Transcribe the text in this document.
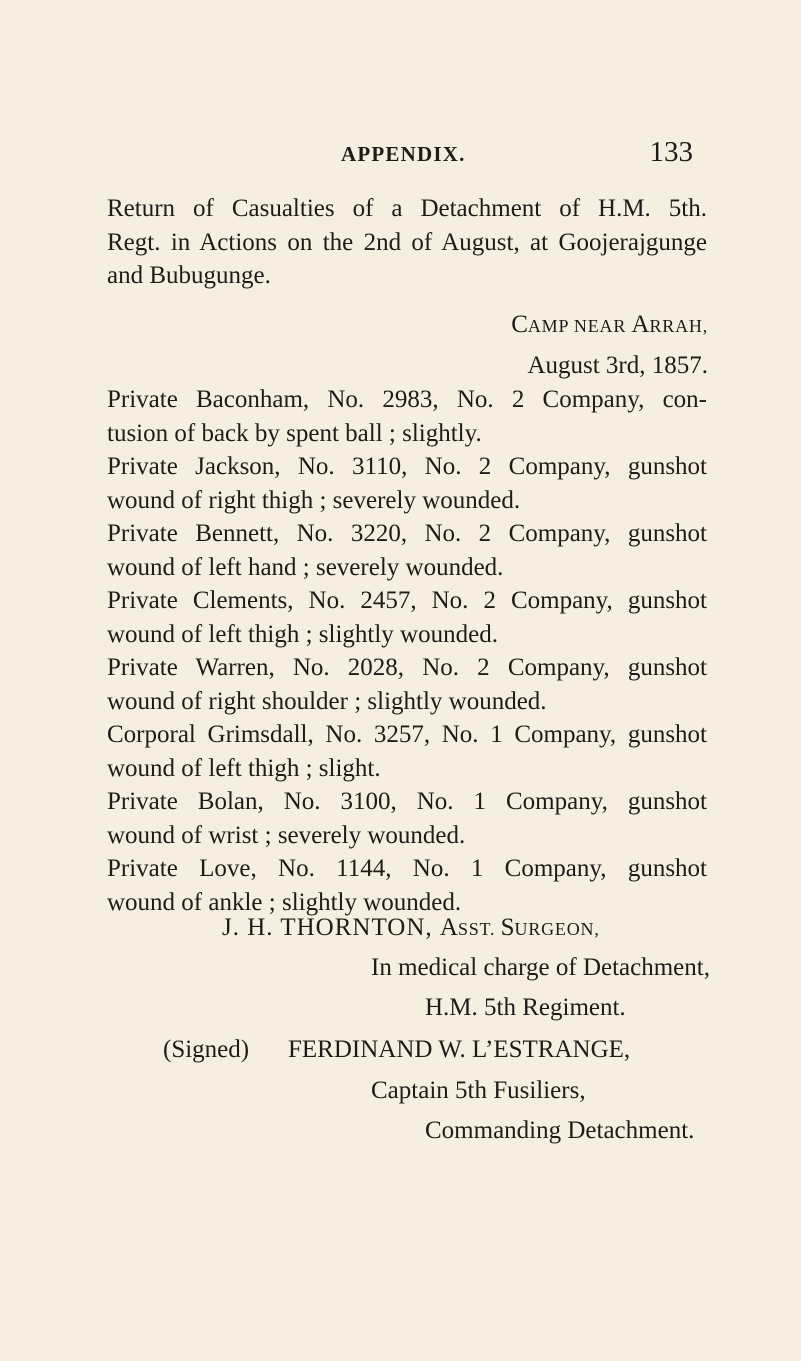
APPENDIX.	133

Return of Casualties of a Detachment of H.M. 5th.

Regt. in Actions on the 2nd of August, at Goojerajgunge

and Bubugunge.

CAMP NEAR ARRAH,
August 3rd, 1857.
Private Baconham, No. 2983, No. 2 Company, con-
tusion of back by spent ball ; slightly.
Private Jackson, No. 3110, No. 2 Company, gunshot
wound of right thigh ; severely wounded.
Private Bennett, No. 3220, No. 2 Company, gunshot
wound of left hand ; severely wounded.
Private Clements, No. 2457, No. 2 Company, gunshot
wound of left thigh ; slightly wounded.
Private Warren, No. 2028, No. 2 Company, gunshot
wound of right shoulder ; slightly wounded.
Corporal Grimsdall, No. 3257, No. 1 Company, gunshot
wound of left thigh ; slight.
Private Bolan, No. 3100, No. 1 Company, gunshot
wound of wrist ; severely wounded.
Private Love, No. 1144, No. 1 Company, gunshot
wound of ankle ; slightly wounded.
J. H. THORNTON, ASST. SURGEON,
In medical charge of Detachment,
H.M. 5th Regiment.
(Signed) FERDINAND W. L’ESTRANGE,
Captain 5th Fusiliers,
Commanding Detachment.
